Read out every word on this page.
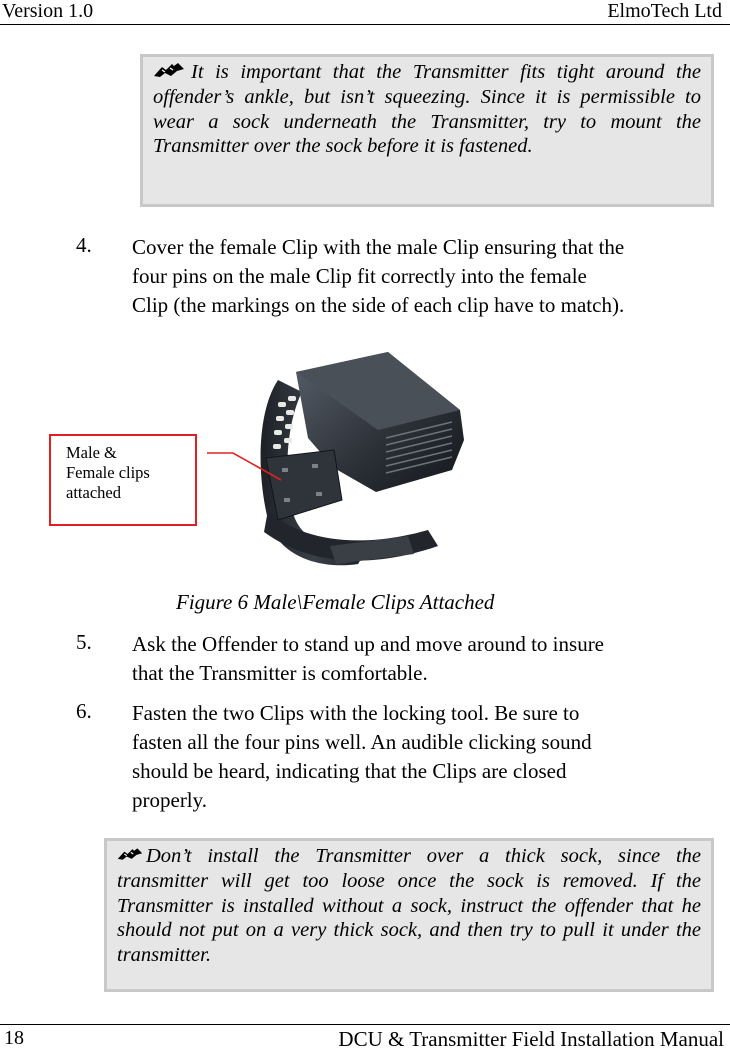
Version 1.0	ElmoTech Ltd
It is important that the Transmitter fits tight around the offender’s ankle, but isn’t squeezing. Since it is permissible to wear a sock underneath the Transmitter, try to mount the Transmitter over the sock before it is fastened.
4. Cover the female Clip with the male Clip ensuring that the
four pins on the male Clip fit correctly into the female
Clip (the markings on the side of each clip have to match).
Male &
Female clips
attached
Figure 6 Male\Female Clips Attached
5. Ask the Offender to stand up and move around to insure
that the Transmitter is comfortable.
6. Fasten the two Clips with the locking tool. Be sure to
fasten all the four pins well. An audible clicking sound
should be heard, indicating that the Clips are closed
properly.
Don’t install the Transmitter over a thick sock, since the transmitter will get too loose once the sock is removed. If the Transmitter is installed without a sock, instruct the offender that he should not put on a very thick sock, and then try to pull it under the transmitter.
18	DCU & Transmitter Field Installation Manual
